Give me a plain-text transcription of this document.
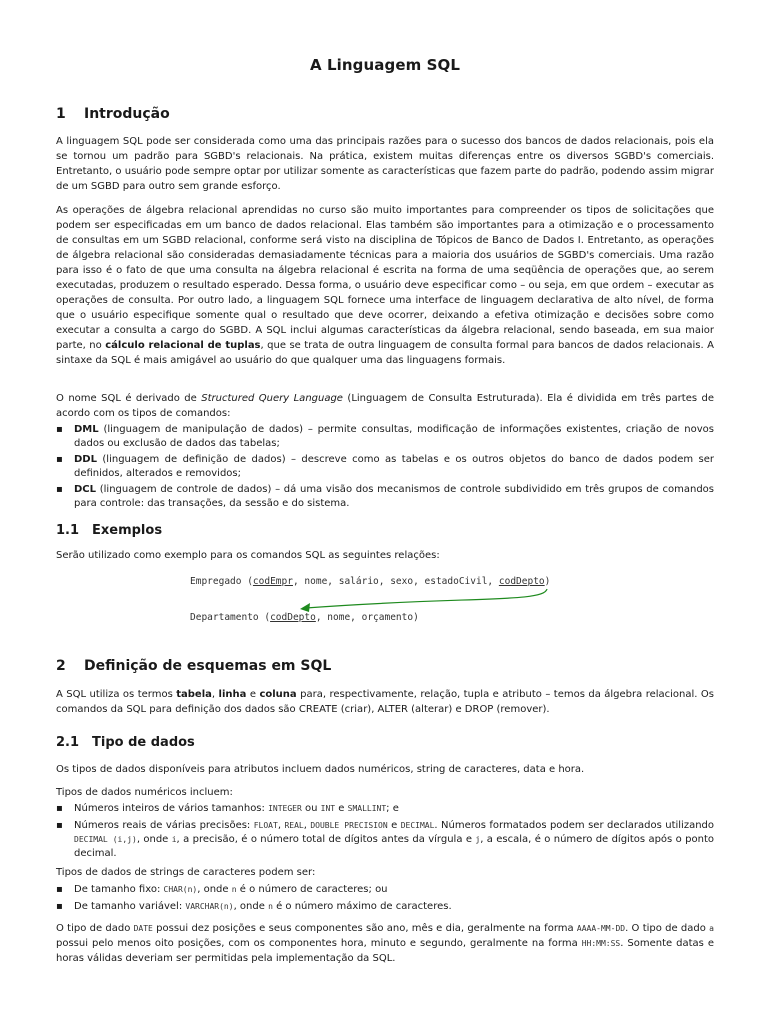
A Linguagem SQL
1 Introdução

A linguagem SQL pode ser considerada como uma das principais razões para o sucesso dos bancos de dados relacionais, pois ela se tornou um padrão para SGBD's relacionais. Na prática, existem muitas diferenças entre os diversos SGBD's comerciais. Entretanto, o usuário pode sempre optar por utilizar somente as características que fazem parte do padrão, podendo assim migrar de um SGBD para outro sem grande esforço.

As operações de álgebra relacional aprendidas no curso são muito importantes para compreender os tipos de solicitações que podem ser especificadas em um banco de dados relacional. Elas também são importantes para a otimização e o processamento de consultas em um SGBD relacional, conforme será visto na disciplina de Tópicos de Banco de Dados I. Entretanto, as operações de álgebra relacional são consideradas demasiadamente técnicas para a maioria dos usuários de SGBD's comerciais. Uma razão para isso é o fato de que uma consulta na álgebra relacional é escrita na forma de uma seqüência de operações que, ao serem executadas, produzem o resultado esperado. Dessa forma, o usuário deve especificar como – ou seja, em que ordem – executar as operações de consulta. Por outro lado, a linguagem SQL fornece uma interface de linguagem declarativa de alto nível, de forma que o usuário especifique somente qual o resultado que deve ocorrer, deixando a efetiva otimização e decisões sobre como executar a consulta a cargo do SGBD. A SQL inclui algumas características da álgebra relacional, sendo baseada, em sua maior parte, no cálculo relacional de tuplas, que se trata de outra linguagem de consulta formal para bancos de dados relacionais. A sintaxe da SQL é mais amigável ao usuário do que qualquer uma das linguagens formais.

O nome SQL é derivado de Structured Query Language (Linguagem de Consulta Estruturada). Ela é dividida em três partes de acordo com os tipos de comandos:

▪ DML (linguagem de manipulação de dados) – permite consultas, modificação de informações existentes, criação de novos dados ou exclusão de dados das tabelas;
▪ DDL (linguagem de definição de dados) – descreve como as tabelas e os outros objetos do banco de dados podem ser definidos, alterados e removidos;
▪ DCL (linguagem de controle de dados) – dá uma visão dos mecanismos de controle subdividido em três grupos de comandos para controle: das transações, da sessão e do sistema.
1.1 Exemplos

Serão utilizado como exemplo para os comandos SQL as seguintes relações:

Empregado (codEmpr, nome, salário, sexo, estadoCivil, codDepto)
Departamento (codDepto, nome, orçamento)
2 Definição de esquemas em SQL

A SQL utiliza os termos tabela, linha e coluna para, respectivamente, relação, tupla e atributo – temos da álgebra relacional. Os comandos da SQL para definição dos dados são CREATE (criar), ALTER (alterar) e DROP (remover).

2.1 Tipo de dados

Os tipos de dados disponíveis para atributos incluem dados numéricos, string de caracteres, data e hora.

Tipos de dados numéricos incluem:

▪ Números inteiros de vários tamanhos: INTEGER ou INT e SMALLINT; e
▪ Números reais de várias precisões: FLOAT, REAL, DOUBLE PRECISION e DECIMAL. Números formatados podem ser declarados utilizando DECIMAL (i,j), onde i, a precisão, é o número total de dígitos antes da vírgula e j, a escala, é o número de dígitos após o ponto decimal.

Tipos de dados de strings de caracteres podem ser:

▪ De tamanho fixo: CHAR(n), onde n é o número de caracteres; ou
▪ De tamanho variável: VARCHAR(n), onde n é o número máximo de caracteres.

O tipo de dado DATE possui dez posições e seus componentes são ano, mês e dia, geralmente na forma AAAA-MM-DD. O tipo de dado a possui pelo menos oito posições, com os componentes hora, minuto e segundo, geralmente na forma HH:MM:SS. Somente datas e horas válidas deveriam ser permitidas pela implementação da SQL.
